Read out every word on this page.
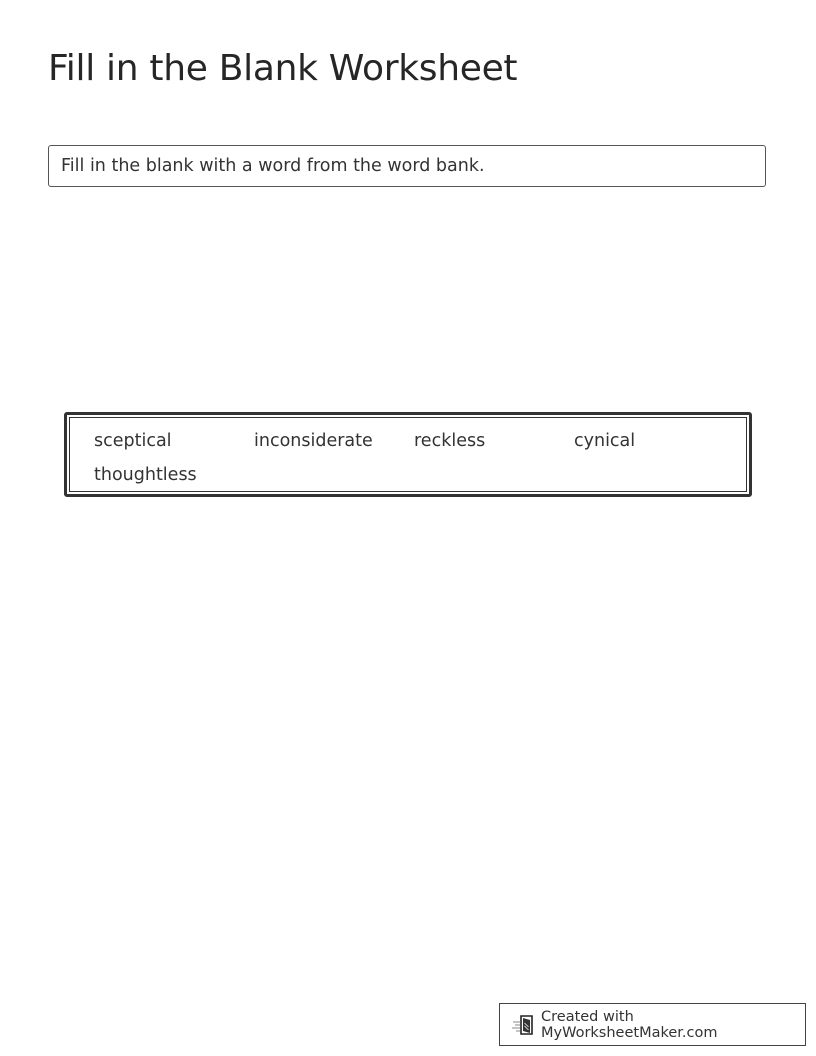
Fill in the Blank Worksheet
Fill in the blank with a word from the word bank.
sceptical	inconsiderate	reckless	cynical
thoughtless
Created with MyWorksheetMaker.com
